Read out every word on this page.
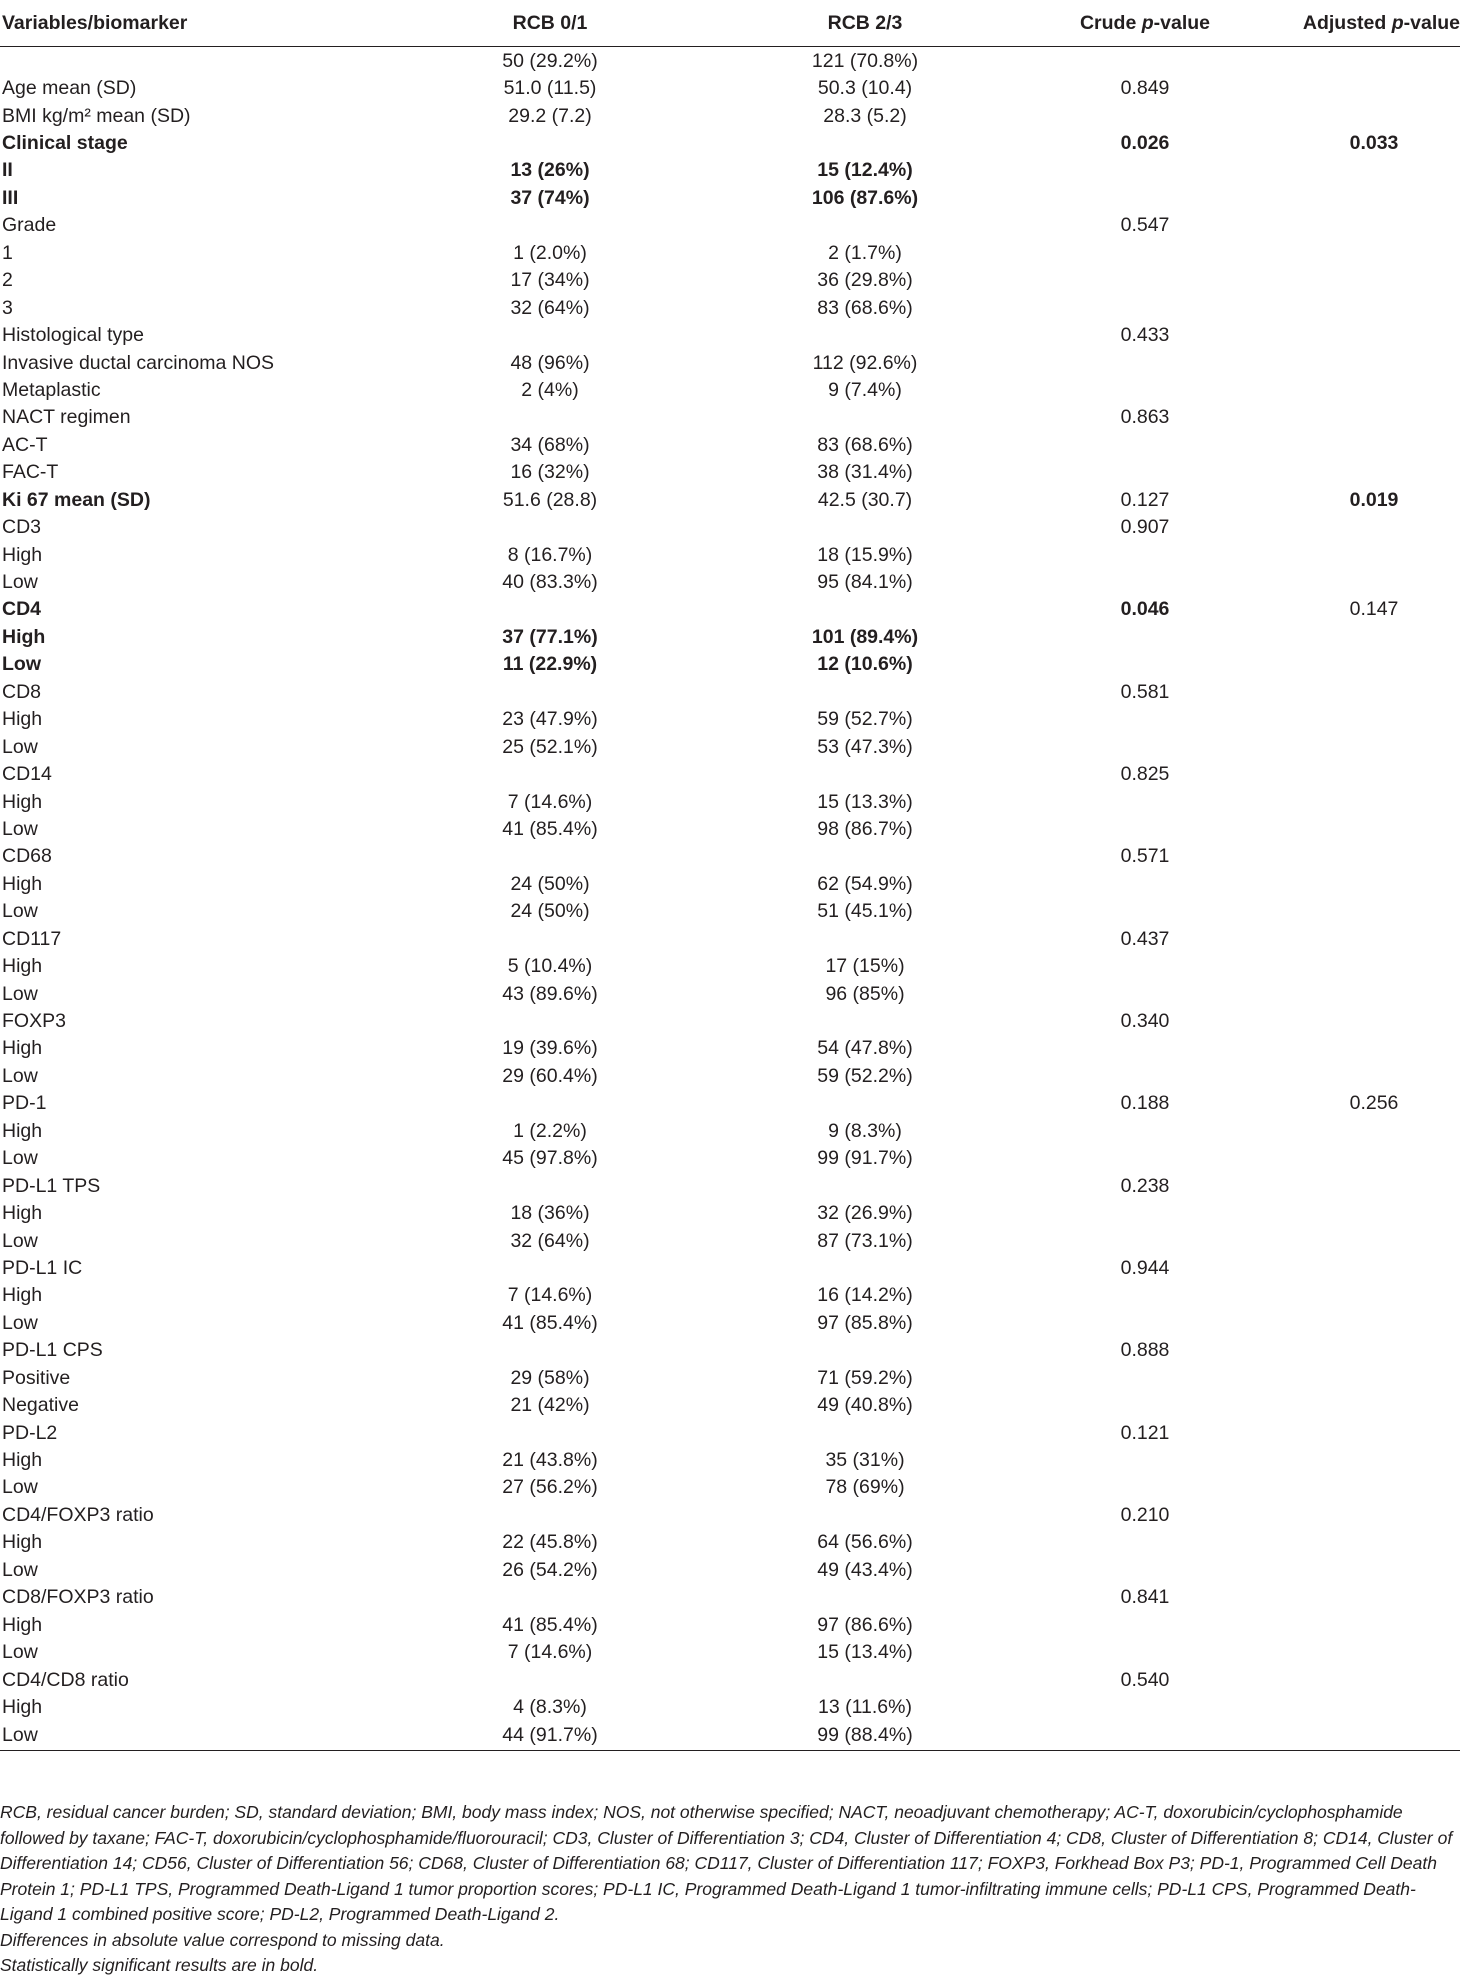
Variables/biomarker	RCB 0/1	RCB 2/3	Crude p-value	Adjusted p-value
	50 (29.2%)	121 (70.8%)		
Age mean (SD)	51.0 (11.5)	50.3 (10.4)	0.849	
BMI kg/m² mean (SD)	29.2 (7.2)	28.3 (5.2)		
Clinical stage			0.026	0.033
II	13 (26%)	15 (12.4%)		
III	37 (74%)	106 (87.6%)		
Grade			0.547	
1	1 (2.0%)	2 (1.7%)		
2	17 (34%)	36 (29.8%)		
3	32 (64%)	83 (68.6%)		
Histological type			0.433	
Invasive ductal carcinoma NOS	48 (96%)	112 (92.6%)		
Metaplastic	2 (4%)	9 (7.4%)		
NACT regimen			0.863	
AC-T	34 (68%)	83 (68.6%)		
FAC-T	16 (32%)	38 (31.4%)		
Ki 67 mean (SD)	51.6 (28.8)	42.5 (30.7)	0.127	0.019
CD3			0.907	
High	8 (16.7%)	18 (15.9%)		
Low	40 (83.3%)	95 (84.1%)		
CD4			0.046	0.147
High	37 (77.1%)	101 (89.4%)		
Low	11 (22.9%)	12 (10.6%)		
CD8			0.581	
High	23 (47.9%)	59 (52.7%)		
Low	25 (52.1%)	53 (47.3%)		
CD14			0.825	
High	7 (14.6%)	15 (13.3%)		
Low	41 (85.4%)	98 (86.7%)		
CD68			0.571	
High	24 (50%)	62 (54.9%)		
Low	24 (50%)	51 (45.1%)		
CD117			0.437	
High	5 (10.4%)	17 (15%)		
Low	43 (89.6%)	96 (85%)		
FOXP3			0.340	
High	19 (39.6%)	54 (47.8%)		
Low	29 (60.4%)	59 (52.2%)		
PD-1			0.188	0.256
High	1 (2.2%)	9 (8.3%)		
Low	45 (97.8%)	99 (91.7%)		
PD-L1 TPS			0.238	
High	18 (36%)	32 (26.9%)		
Low	32 (64%)	87 (73.1%)		
PD-L1 IC			0.944	
High	7 (14.6%)	16 (14.2%)		
Low	41 (85.4%)	97 (85.8%)		
PD-L1 CPS			0.888	
Positive	29 (58%)	71 (59.2%)		
Negative	21 (42%)	49 (40.8%)		
PD-L2			0.121	
High	21 (43.8%)	35 (31%)		
Low	27 (56.2%)	78 (69%)		
CD4/FOXP3 ratio			0.210	
High	22 (45.8%)	64 (56.6%)		
Low	26 (54.2%)	49 (43.4%)		
CD8/FOXP3 ratio			0.841	
High	41 (85.4%)	97 (86.6%)		
Low	7 (14.6%)	15 (13.4%)		
CD4/CD8 ratio			0.540	
High	4 (8.3%)	13 (11.6%)		
Low	44 (91.7%)	99 (88.4%)		

RCB, residual cancer burden; SD, standard deviation; BMI, body mass index; NOS, not otherwise specified; NACT, neoadjuvant chemotherapy; AC-T, doxorubicin/cyclophosphamide followed by taxane; FAC-T, doxorubicin/cyclophosphamide/fluorouracil; CD3, Cluster of Differentiation 3; CD4, Cluster of Differentiation 4; CD8, Cluster of Differentiation 8; CD14, Cluster of Differentiation 14; CD56, Cluster of Differentiation 56; CD68, Cluster of Differentiation 68; CD117, Cluster of Differentiation 117; FOXP3, Forkhead Box P3; PD-1, Programmed Cell Death Protein 1; PD-L1 TPS, Programmed Death-Ligand 1 tumor proportion scores; PD-L1 IC, Programmed Death-Ligand 1 tumor-infiltrating immune cells; PD-L1 CPS, Programmed Death-Ligand 1 combined positive score; PD-L2, Programmed Death-Ligand 2.

Differences in absolute value correspond to missing data.

Statistically significant results are in bold.
